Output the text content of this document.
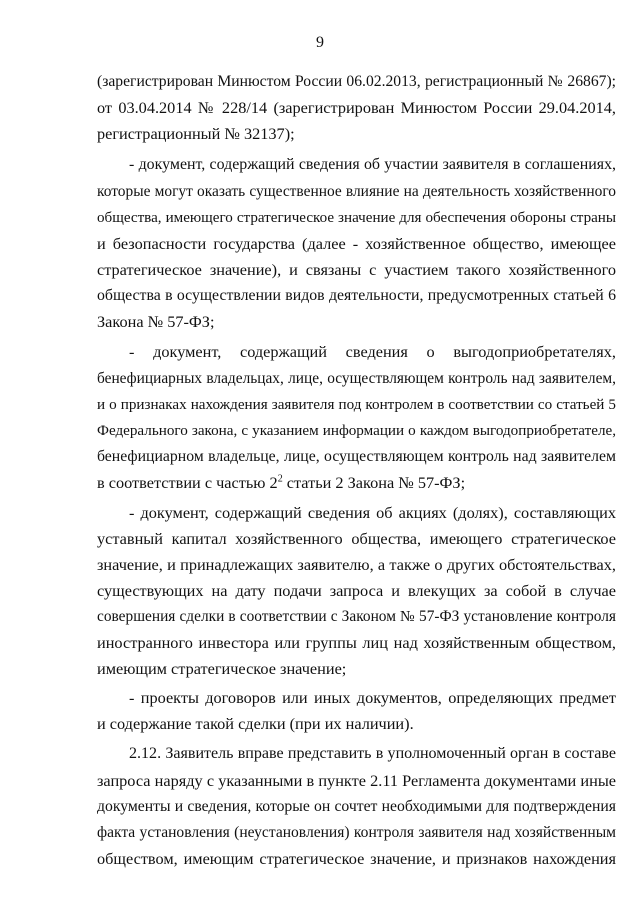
9
(зарегистрирован Минюстом России 06.02.2013, регистрационный № 26867);
от 03.04.2014 № 228/14 (зарегистрирован Минюстом России 29.04.2014,
регистрационный № 32137);
- документ, содержащий сведения об участии заявителя в соглашениях,
которые могут оказать существенное влияние на деятельность хозяйственного
общества, имеющего стратегическое значение для обеспечения обороны страны
и безопасности государства (далее - хозяйственное общество, имеющее
стратегическое значение), и связаны с участием такого хозяйственного
общества в осуществлении видов деятельности, предусмотренных статьей 6
Закона № 57-ФЗ;
- документ, содержащий сведения о выгодоприобретателях,
бенефициарных владельцах, лице, осуществляющем контроль над заявителем,
и о признаках нахождения заявителя под контролем в соответствии со статьей 5
Федерального закона, с указанием информации о каждом выгодоприобретателе,
бенефициарном владельце, лице, осуществляющем контроль над заявителем
в соответствии с частью $2^2$ статьи 2 Закона № 57-ФЗ;
- документ, содержащий сведения об акциях (долях), составляющих
уставный капитал хозяйственного общества, имеющего стратегическое
значение, и принадлежащих заявителю, а также о других обстоятельствах,
существующих на дату подачи запроса и влекущих за собой в случае
совершения сделки в соответствии с Законом № 57-ФЗ установление контроля
иностранного инвестора или группы лиц над хозяйственным обществом,
имеющим стратегическое значение;
- проекты договоров или иных документов, определяющих предмет
и содержание такой сделки (при их наличии).
2.12. Заявитель вправе представить в уполномоченный орган в составе
запроса наряду с указанными в пункте 2.11 Регламента документами иные
документы и сведения, которые он сочтет необходимыми для подтверждения
факта установления (неустановления) контроля заявителя над хозяйственным
обществом, имеющим стратегическое значение, и признаков нахождения
